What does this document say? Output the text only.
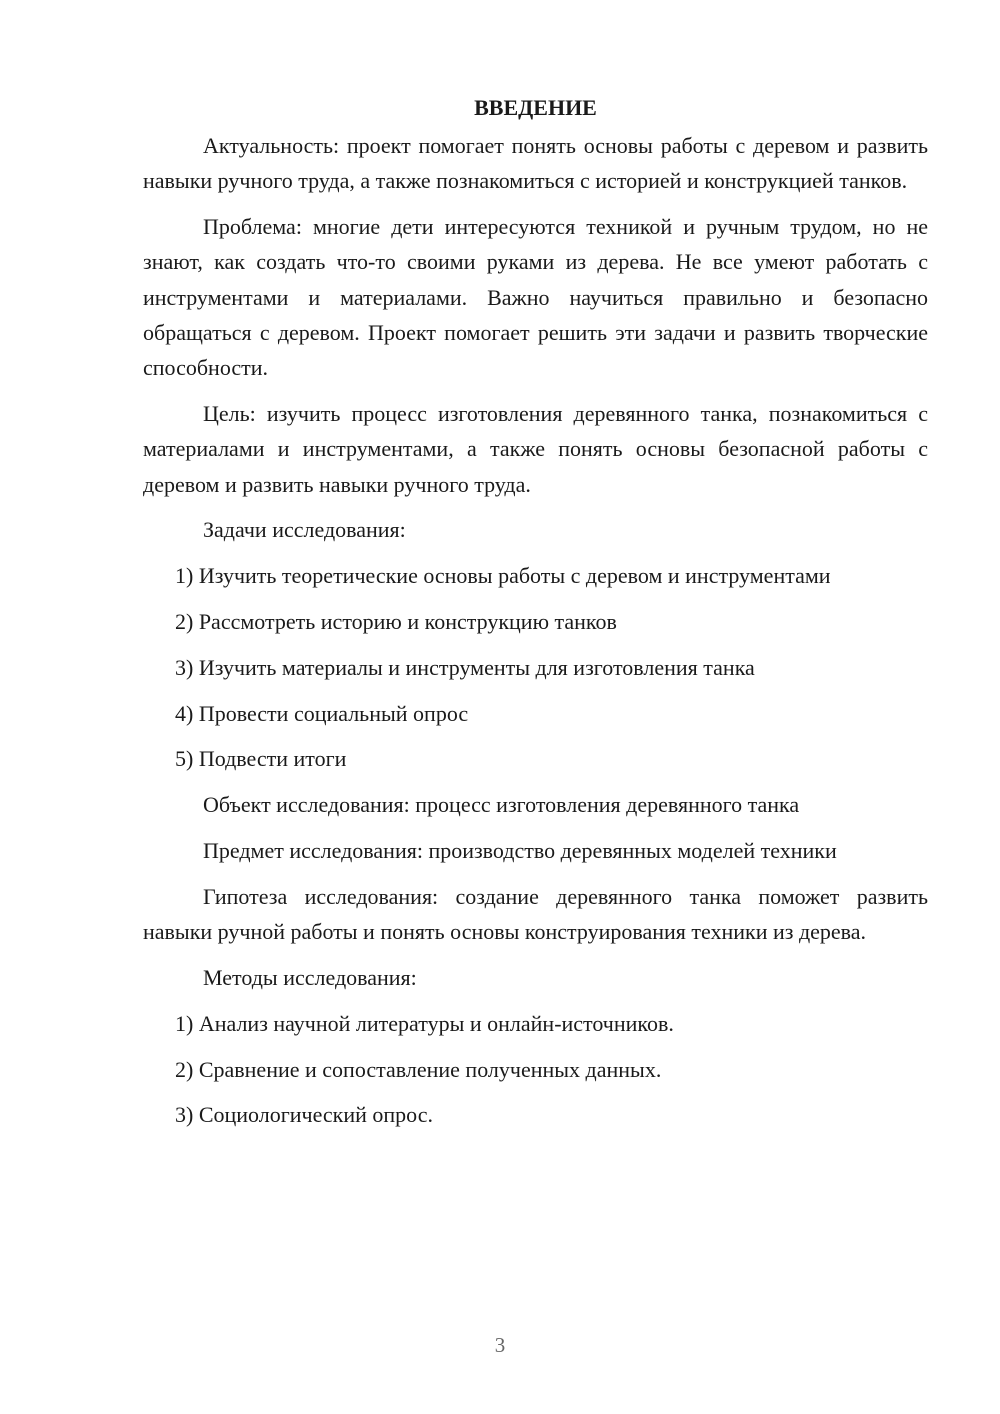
ВВЕДЕНИЕ

Актуальность: проект помогает понять основы работы с деревом и развить навыки ручного труда, а также познакомиться с историей и конструкцией танков.

Проблема: многие дети интересуются техникой и ручным трудом, но не знают, как создать что-то своими руками из дерева. Не все умеют работать с инструментами и материалами. Важно научиться правильно и безопасно обращаться с деревом. Проект помогает решить эти задачи и развить творческие способности.

Цель: изучить процесс изготовления деревянного танка, познакомиться с материалами и инструментами, а также понять основы безопасной работы с деревом и развить навыки ручного труда.

Задачи исследования:
1) Изучить теоретические основы работы с деревом и инструментами
2) Рассмотреть историю и конструкцию танков
3) Изучить материалы и инструменты для изготовления танка
4) Провести социальный опрос
5) Подвести итоги
Объект исследования: процесс изготовления деревянного танка
Предмет исследования: производство деревянных моделей техники

Гипотеза исследования: создание деревянного танка поможет развить навыки ручной работы и понять основы конструирования техники из дерева.

Методы исследования:
1) Анализ научной литературы и онлайн-источников.
2) Сравнение и сопоставление полученных данных.
3) Социологический опрос.
3
